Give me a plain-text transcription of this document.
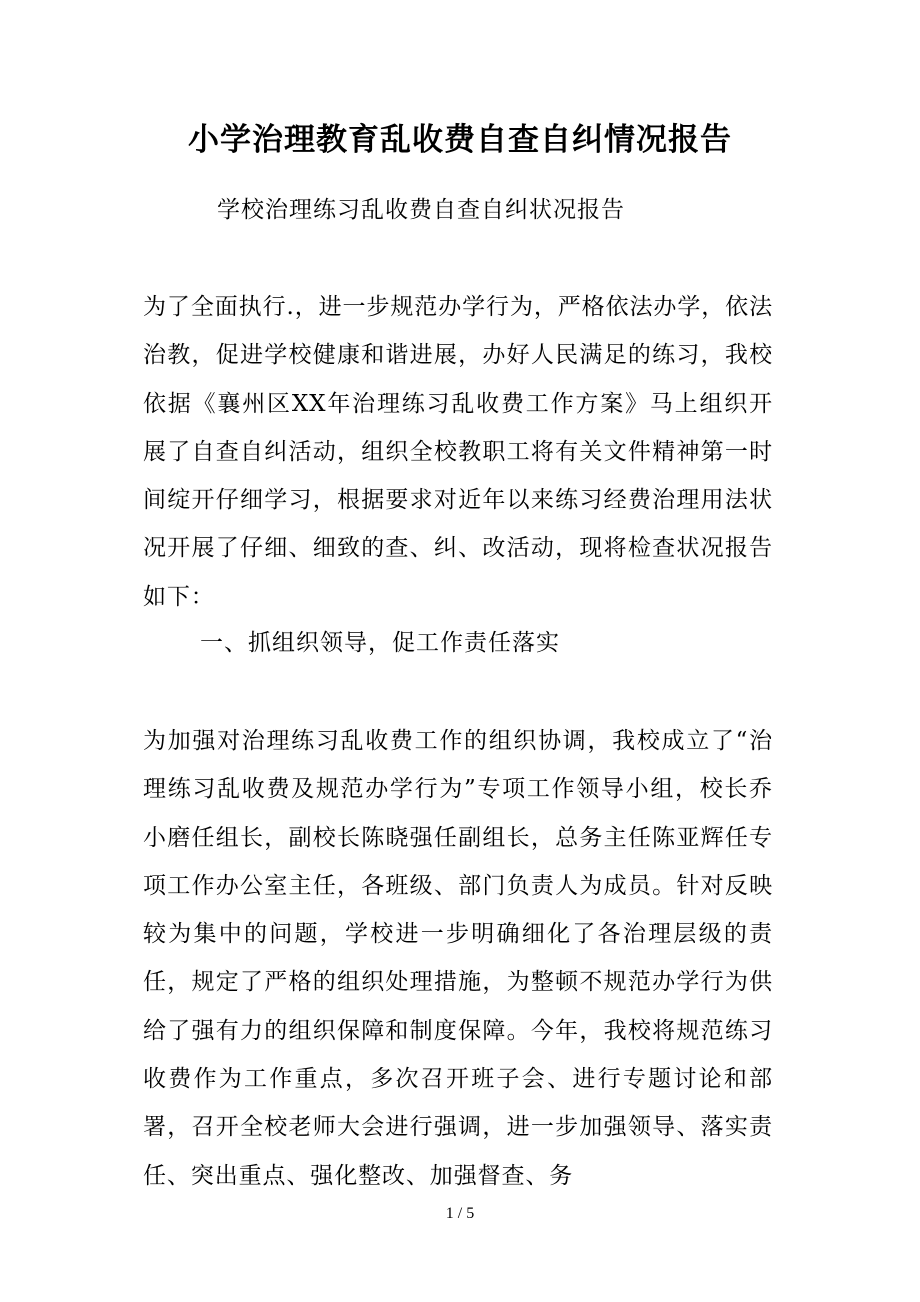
小学治理教育乱收费自查自纠情况报告

学校治理练习乱收费自查自纠状况报告

为了全面执行.，进一步规范办学行为，严格依法办学，依法治教，促进学校健康和谐进展，办好人民满足的练习，我校依据《襄州区XX年治理练习乱收费工作方案》马上组织开展了自查自纠活动，组织全校教职工将有关文件精神第一时间绽开仔细学习，根据要求对近年以来练习经费治理用法状况开展了仔细、细致的查、纠、改活动，现将检查状况报告如下：

一、抓组织领导，促工作责任落实

为加强对治理练习乱收费工作的组织协调，我校成立了“治理练习乱收费及规范办学行为”专项工作领导小组，校长乔小磨任组长，副校长陈晓强任副组长，总务主任陈亚辉任专项工作办公室主任，各班级、部门负责人为成员。针对反映较为集中的问题，学校进一步明确细化了各治理层级的责任，规定了严格的组织处理措施，为整顿不规范办学行为供给了强有力的组织保障和制度保障。今年，我校将规范练习收费作为工作重点，多次召开班子会、进行专题讨论和部署，召开全校老师大会进行强调，进一步加强领导、落实责任、突出重点、强化整改、加强督查、务

1 / 5
